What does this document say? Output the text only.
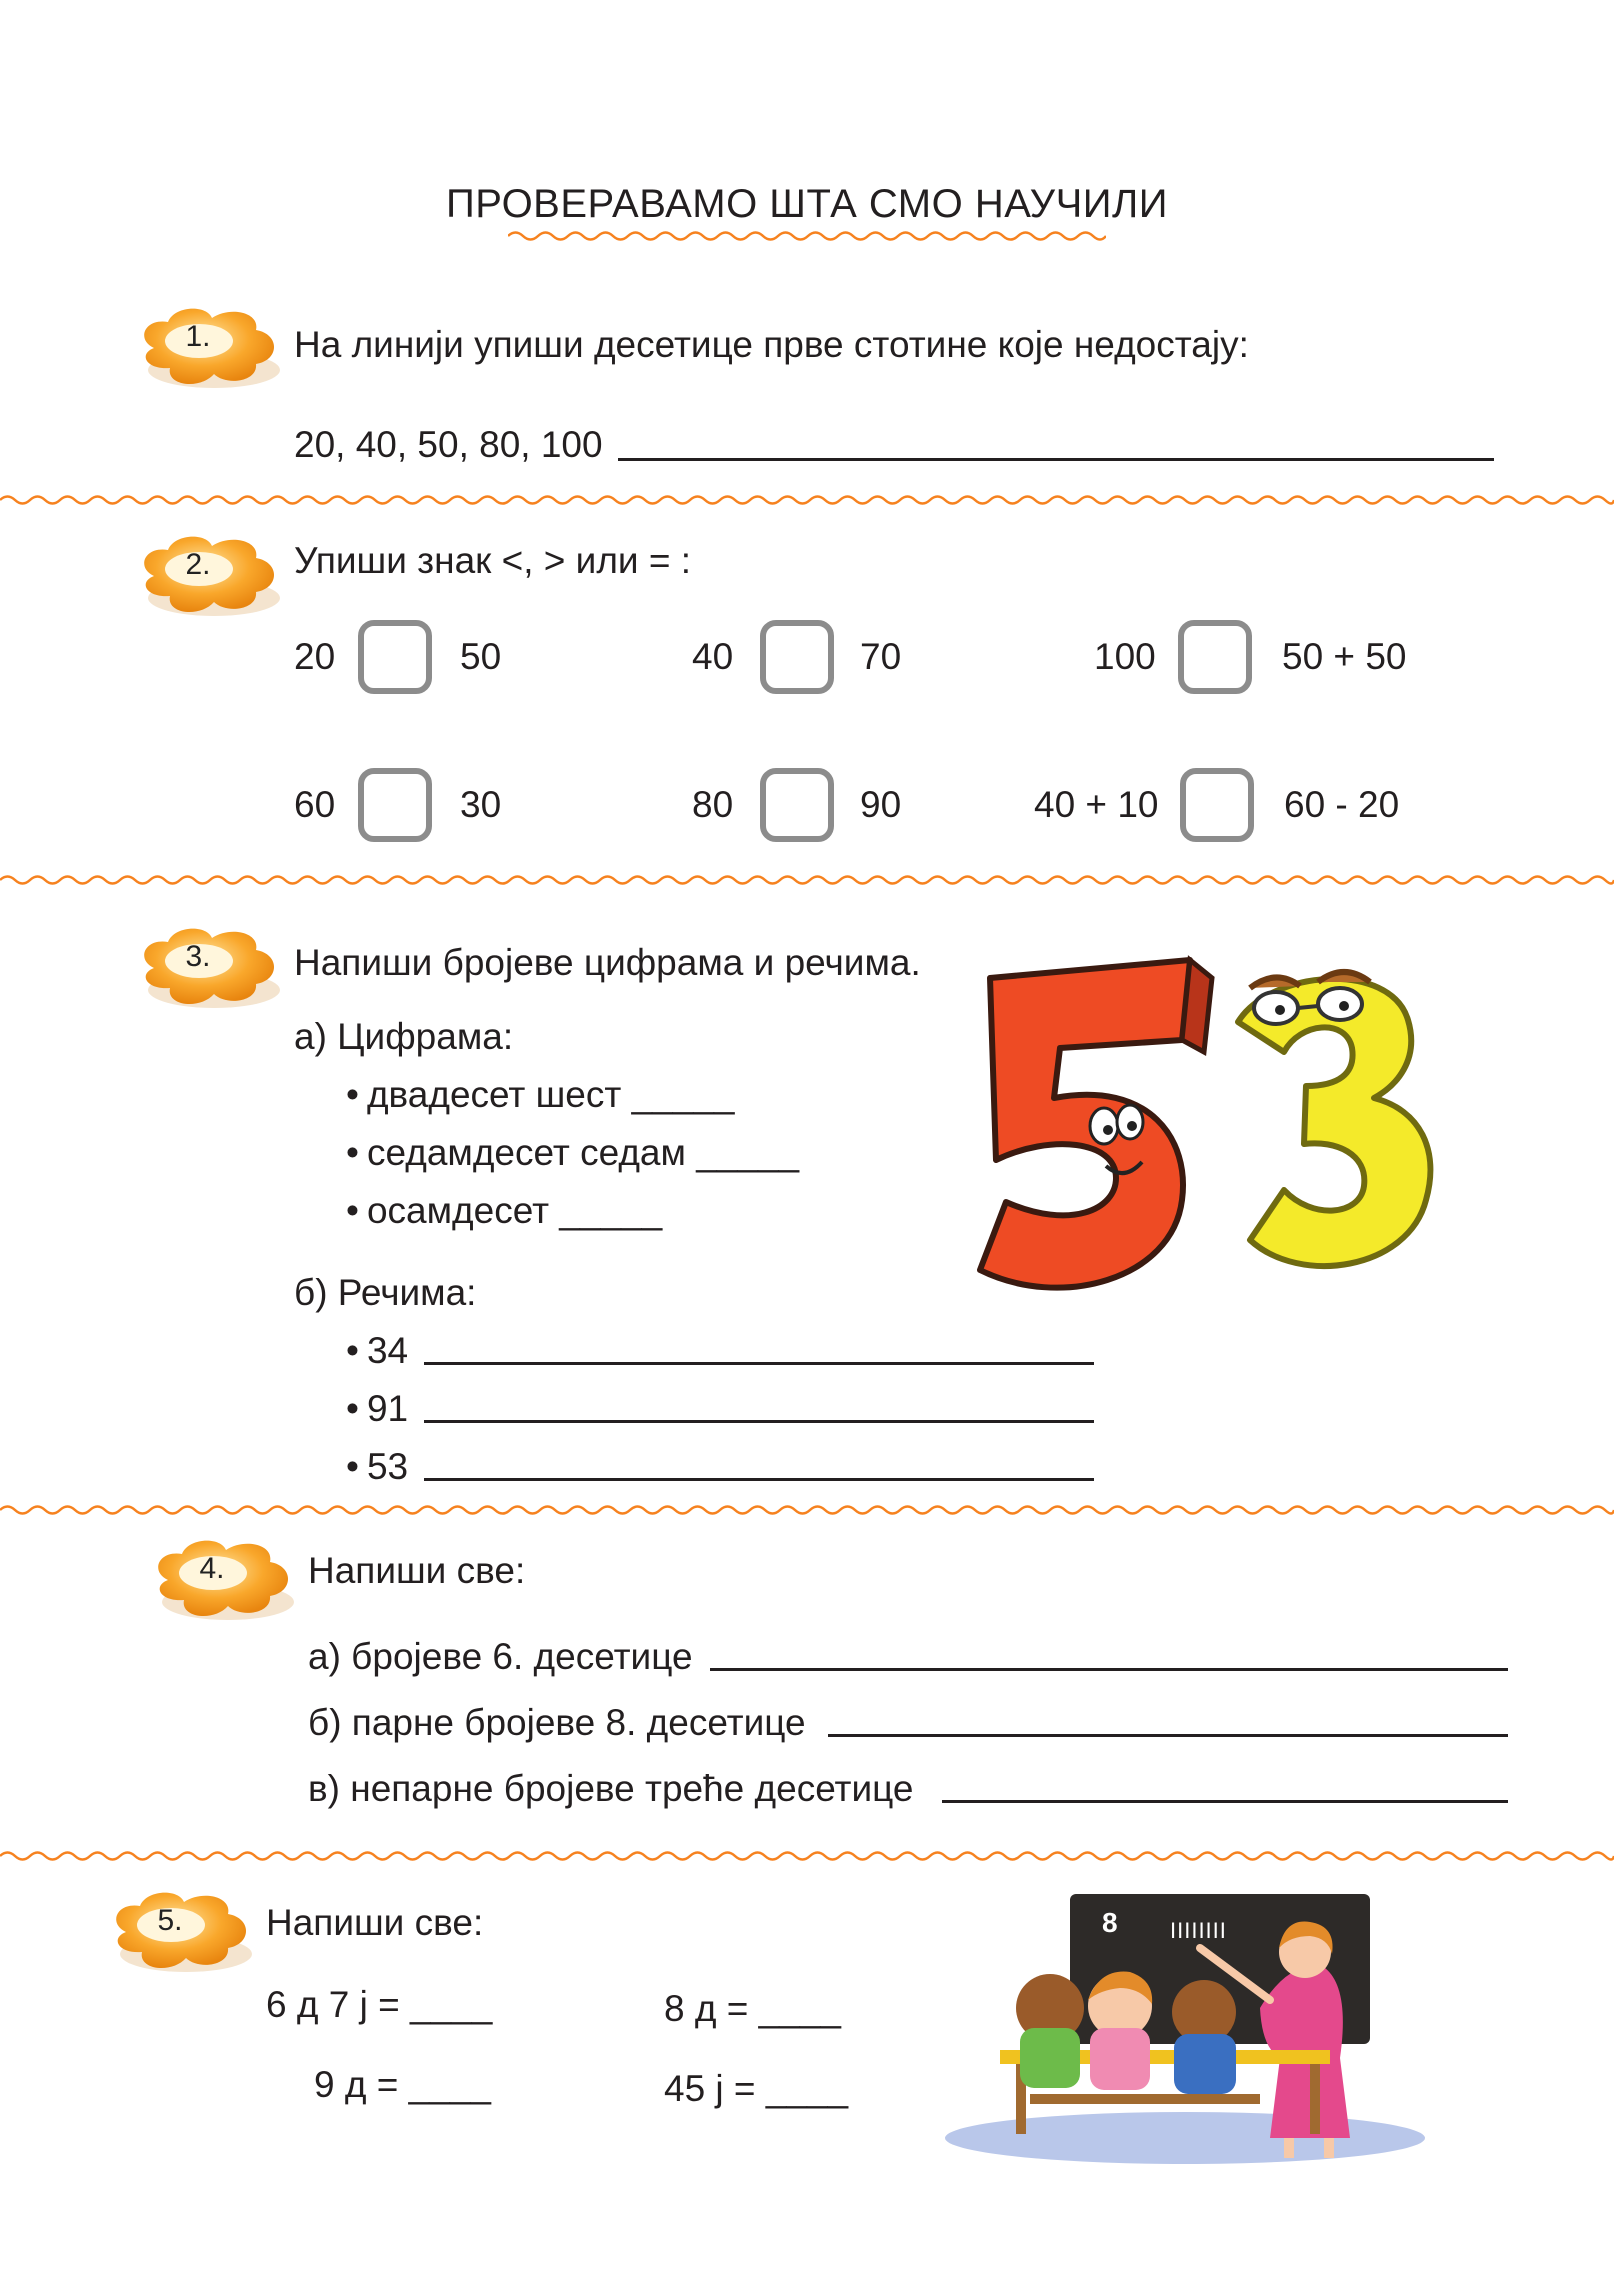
ПРОВЕРАВАМО ШТА СМО НАУЧИЛИ
1.	На линији упиши десетице прве стотине које недостају:
20, 40, 50, 80, 100
2.	Упиши знак <, > или = :
20	50	40	70	100	50 + 50
60	30	80	90	40 + 10	60 - 20
3.	Напиши бројеве цифрама и речима.
а) Цифрама:
• двадесет шест _____
• седамдесет седам _____
• осамдесет _____
б) Речима:
• 34
• 91
• 53
4.	Напиши све:
а) бројеве 6. десетице
б) парне бројеве 8. десетице
в) непарне бројеве треће десетице
5.	Напиши све:
6 д 7 ј = ____	8 д = ____
9 д = ____	45 ј = ____
8 IIIIIIII
